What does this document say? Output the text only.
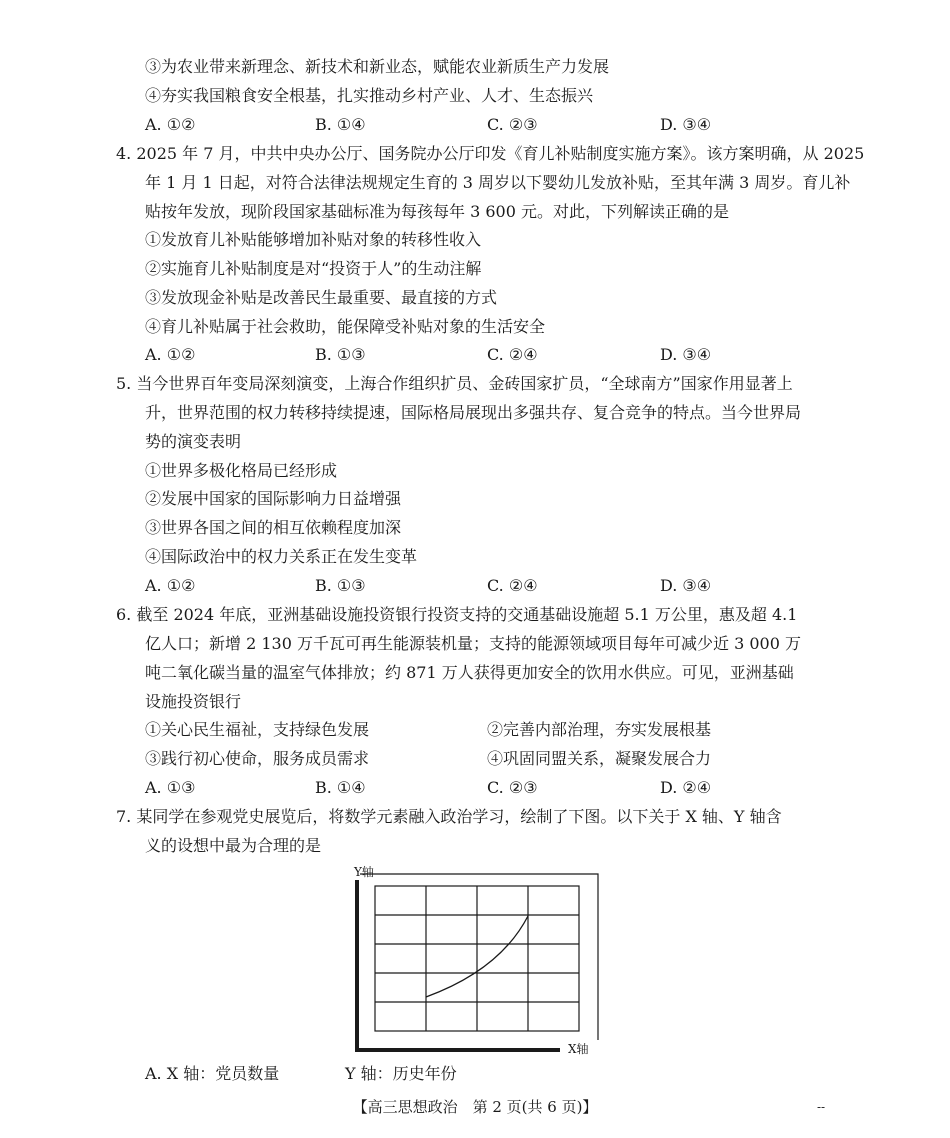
③为农业带来新理念、新技术和新业态，赋能农业新质生产力发展
④夯实我国粮食安全根基，扎实推动乡村产业、人才、生态振兴
A. ①②	B. ①④	C. ②③	D. ③④
4. 2025 年 7 月，中共中央办公厅、国务院办公厅印发《育儿补贴制度实施方案》。该方案明确，从 2025
年 1 月 1 日起，对符合法律法规规定生育的 3 周岁以下婴幼儿发放补贴，至其年满 3 周岁。育儿补
贴按年发放，现阶段国家基础标准为每孩每年 3 600 元。对此，下列解读正确的是
①发放育儿补贴能够增加补贴对象的转移性收入
②实施育儿补贴制度是对“投资于人”的生动注解
③发放现金补贴是改善民生最重要、最直接的方式
④育儿补贴属于社会救助，能保障受补贴对象的生活安全
A. ①②	B. ①③	C. ②④	D. ③④
5. 当今世界百年变局深刻演变，上海合作组织扩员、金砖国家扩员，“全球南方”国家作用显著上
升，世界范围的权力转移持续提速，国际格局展现出多强共存、复合竞争的特点。当今世界局
势的演变表明
①世界多极化格局已经形成
②发展中国家的国际影响力日益增强
③世界各国之间的相互依赖程度加深
④国际政治中的权力关系正在发生变革
A. ①②	B. ①③	C. ②④	D. ③④
6. 截至 2024 年底，亚洲基础设施投资银行投资支持的交通基础设施超 5.1 万公里，惠及超 4.1
亿人口；新增 2 130 万千瓦可再生能源装机量；支持的能源领域项目每年可减少近 3 000 万
吨二氧化碳当量的温室气体排放；约 871 万人获得更加安全的饮用水供应。可见，亚洲基础
设施投资银行
①关心民生福祉，支持绿色发展	②完善内部治理，夯实发展根基
③践行初心使命，服务成员需求	④巩固同盟关系，凝聚发展合力
A. ①③	B. ①④	C. ②③	D. ②④
7. 某同学在参观党史展览后，将数学元素融入政治学习，绘制了下图。以下关于 X 轴、Y 轴含
义的设想中最为合理的是
Y轴
X轴
A. X 轴：党员数量	Y 轴：历史年份
【高三思想政治　第 2 页(共 6 页)】	--
